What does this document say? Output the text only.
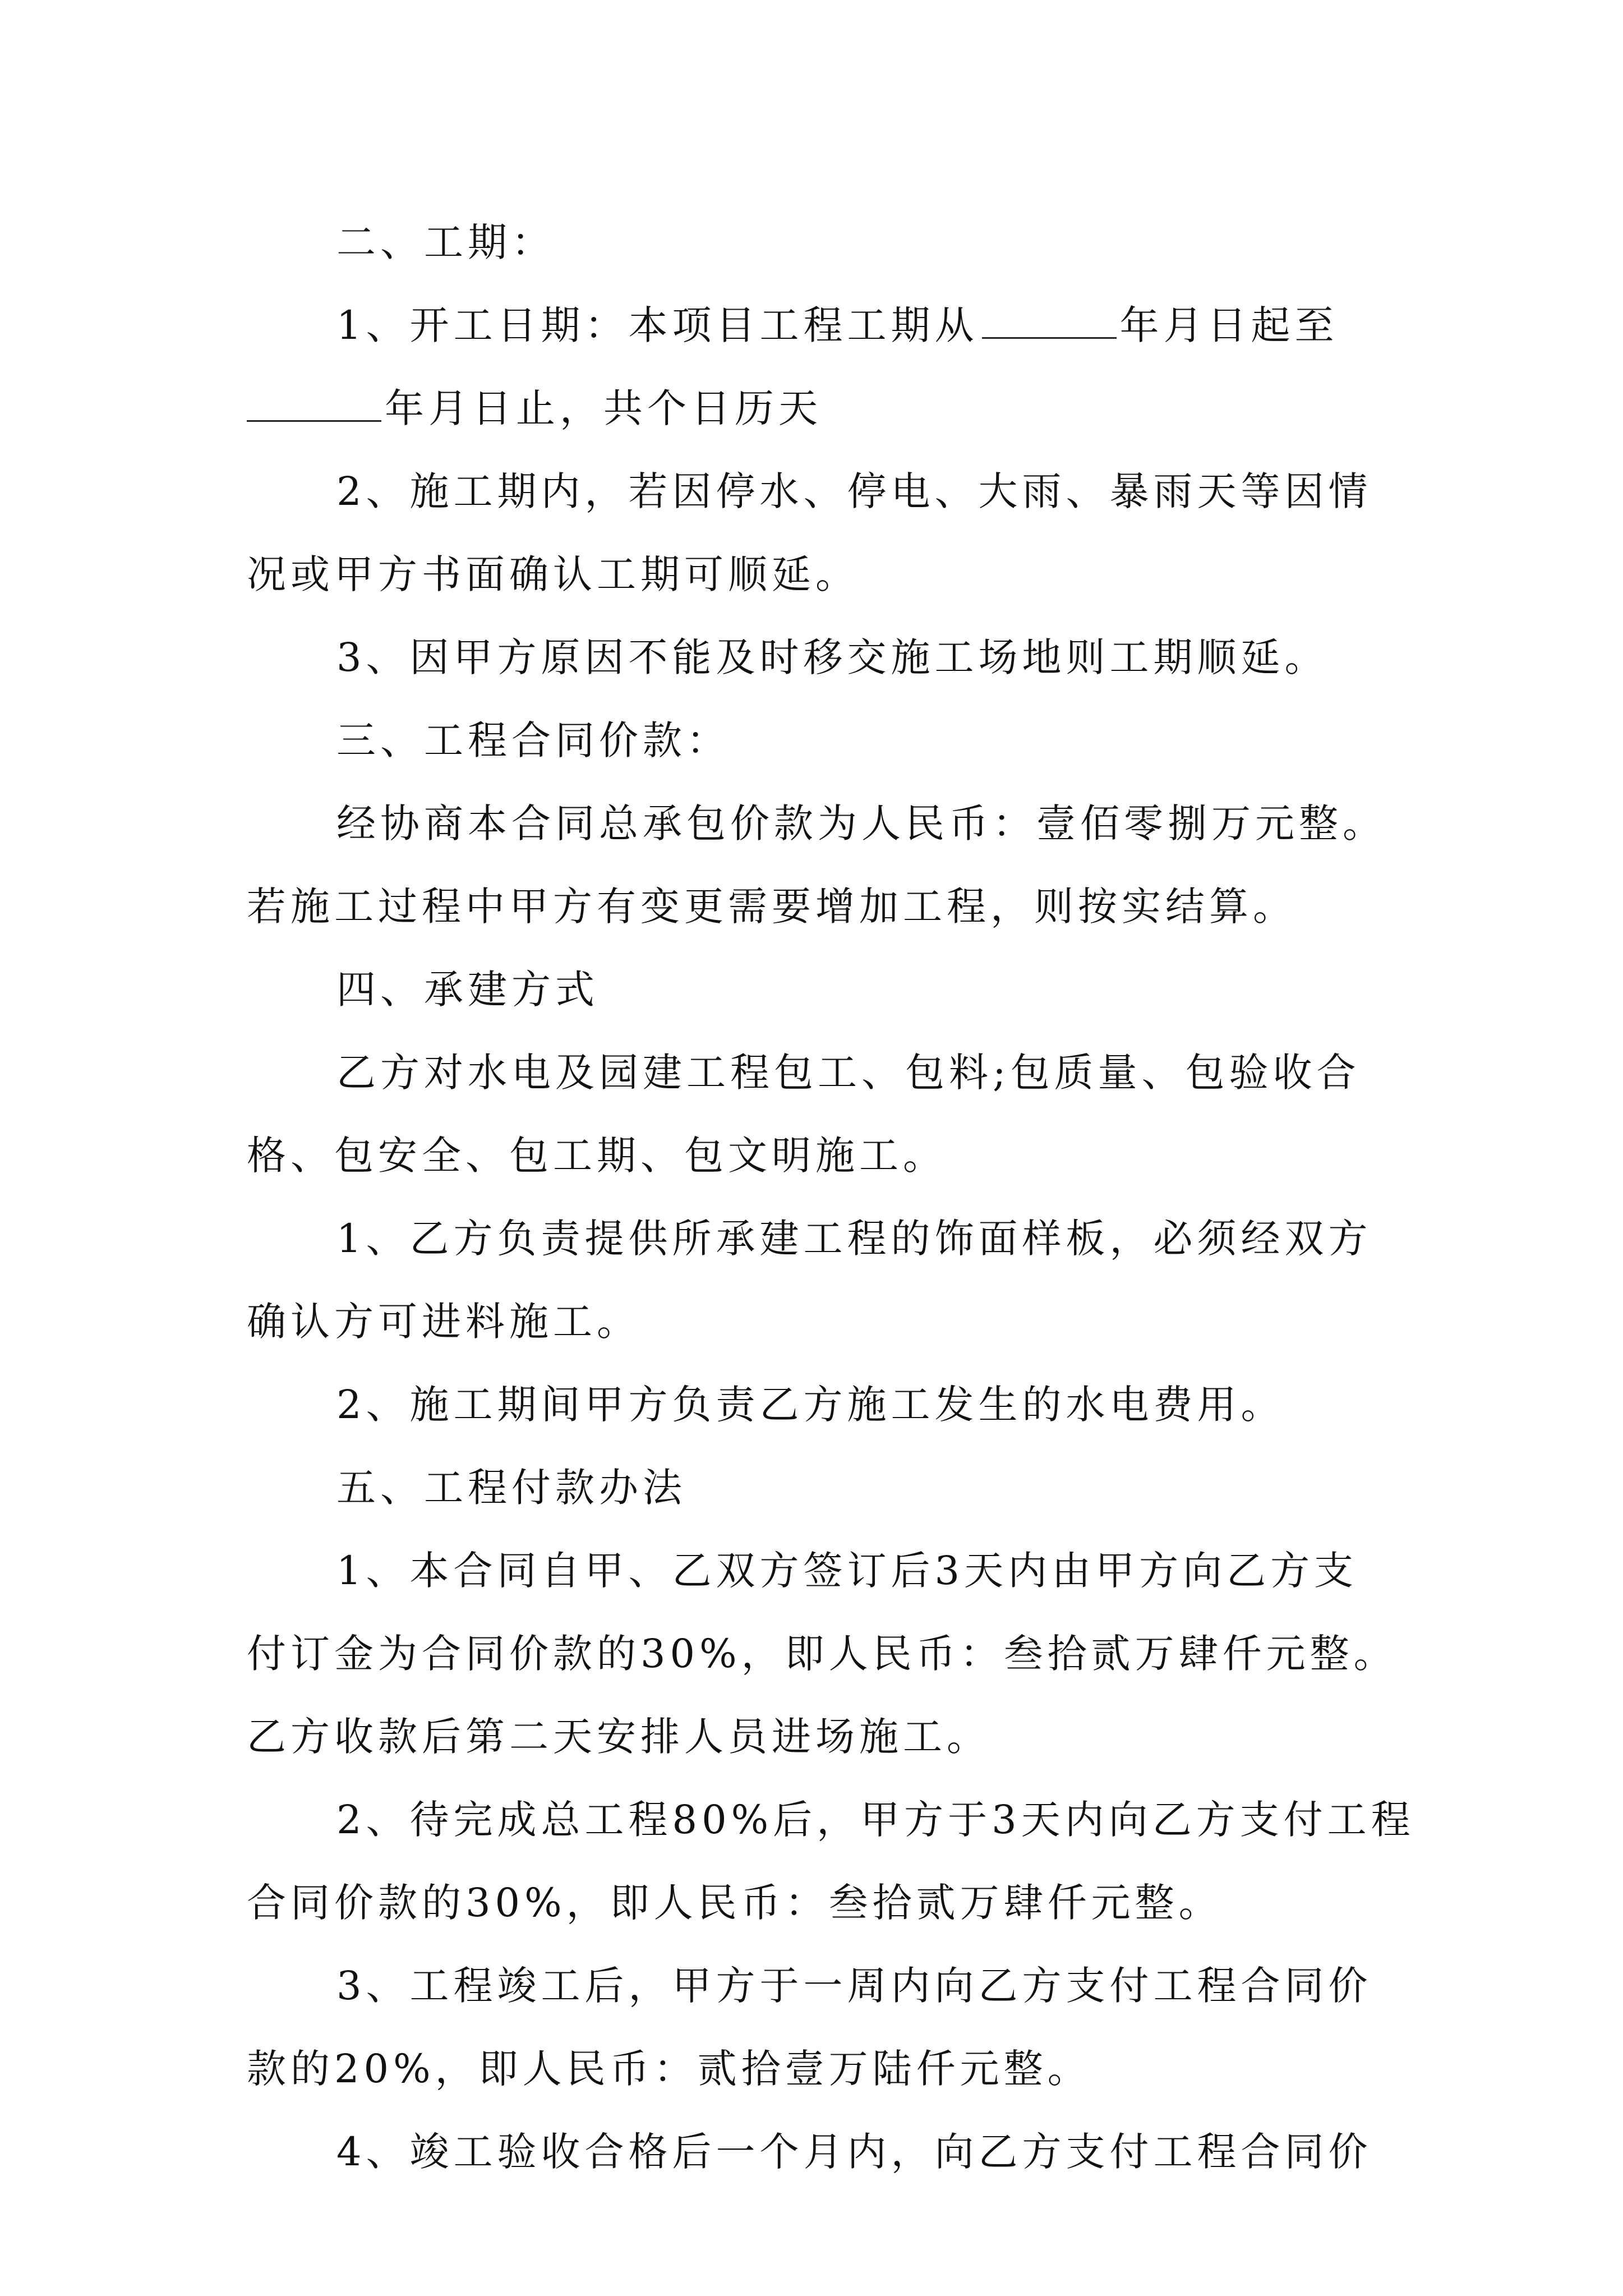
二、工期：
1、开工日期：本项目工程工期从	年月日起至
年月日止，共个日历天
2、施工期内，若因停水、停电、大雨、暴雨天等因情
况或甲方书面确认工期可顺延。
3、因甲方原因不能及时移交施工场地则工期顺延。
三、工程合同价款：
经协商本合同总承包价款为人民币：壹佰零捌万元整。
若施工过程中甲方有变更需要增加工程，则按实结算。
四、承建方式
乙方对水电及园建工程包工、包料;包质量、包验收合
格、包安全、包工期、包文明施工。
1、乙方负责提供所承建工程的饰面样板，必须经双方
确认方可进料施工。
2、施工期间甲方负责乙方施工发生的水电费用。
五、工程付款办法
1、本合同自甲、乙双方签订后3天内由甲方向乙方支
付订金为合同价款的30%，即人民币：叁拾贰万肆仟元整。
乙方收款后第二天安排人员进场施工。
2、待完成总工程80%后，甲方于3天内向乙方支付工程
合同价款的30%，即人民币：叁拾贰万肆仟元整。
3、工程竣工后，甲方于一周内向乙方支付工程合同价
款的20%，即人民币：贰拾壹万陆仟元整。
4、竣工验收合格后一个月内，向乙方支付工程合同价
